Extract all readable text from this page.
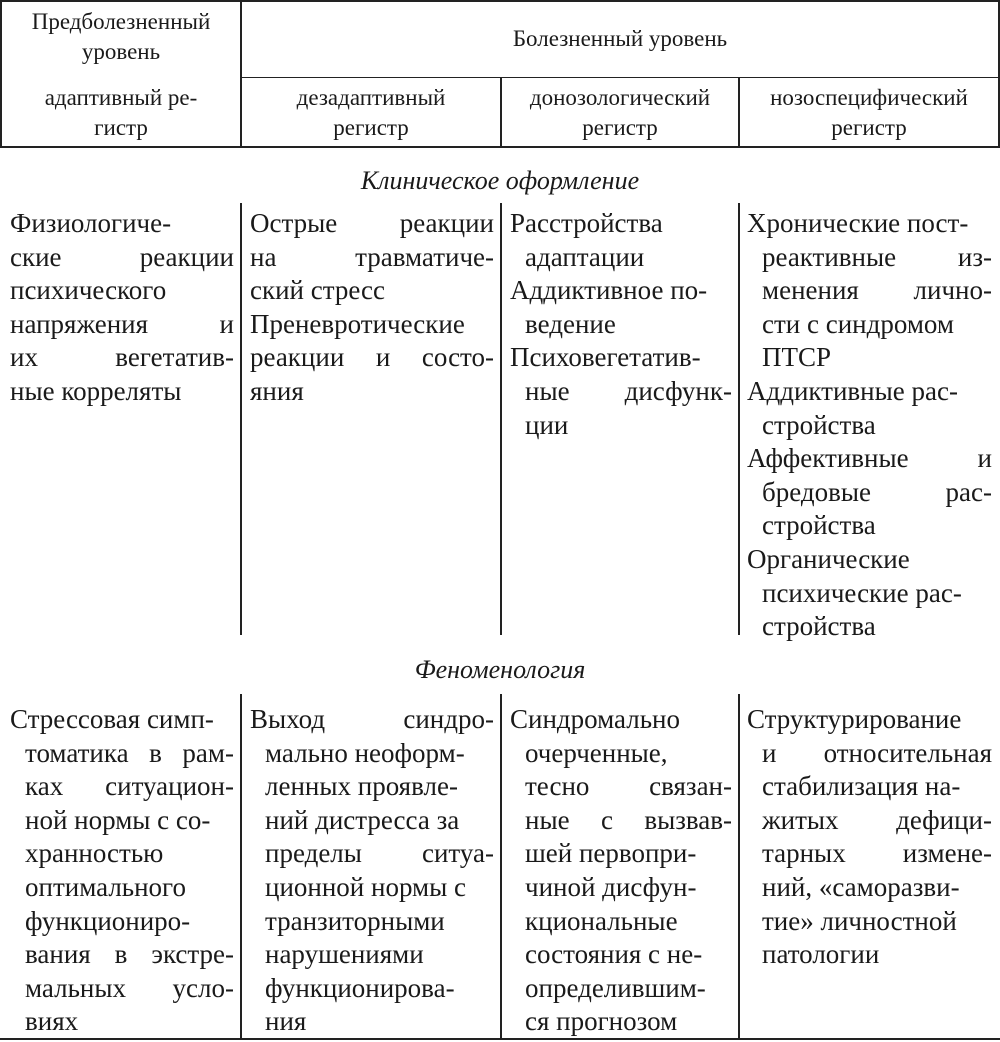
Предболезненный
уровень
Болезненный уровень
адаптивный ре-
гистр
дезадаптивный
регистр
донозологический
регистр
нозоспецифический
регистр
Клиническое оформление
Физиологиче-
ские реакции
психического
напряжения и
их вегетатив-
ные корреляты
Острые реакции
на травматиче-
ский стресс
Преневротические
реакции и состо-
яния
Расстройства
адаптации
Аддиктивное по-
ведение
Психовегетатив-
ные дисфунк-
ции
Хронические пост-
реактивные из-
менения лично-
сти с синдромом
ПТСР
Аддиктивные рас-
стройства
Аффективные и
бредовые рас-
стройства
Органические
психические рас-
стройства
Феноменология
Стрессовая симп-
томатика в рам-
ках ситуацион-
ной нормы с со-
хранностью
оптимального
функциониро-
вания в экстре-
мальных усло-
виях
Выход синдро-
мально неоформ-
ленных проявле-
ний дистресса за
пределы ситуа-
ционной нормы с
транзиторными
нарушениями
функционирова-
ния
Синдромально
очерченные,
тесно связан-
ные с вызвав-
шей первопри-
чиной дисфун-
кциональные
состояния с не-
определившим-
ся прогнозом
Структурирование
и относительная
стабилизация на-
житых дефици-
тарных измене-
ний, «саморазви-
тие» личностной
патологии
